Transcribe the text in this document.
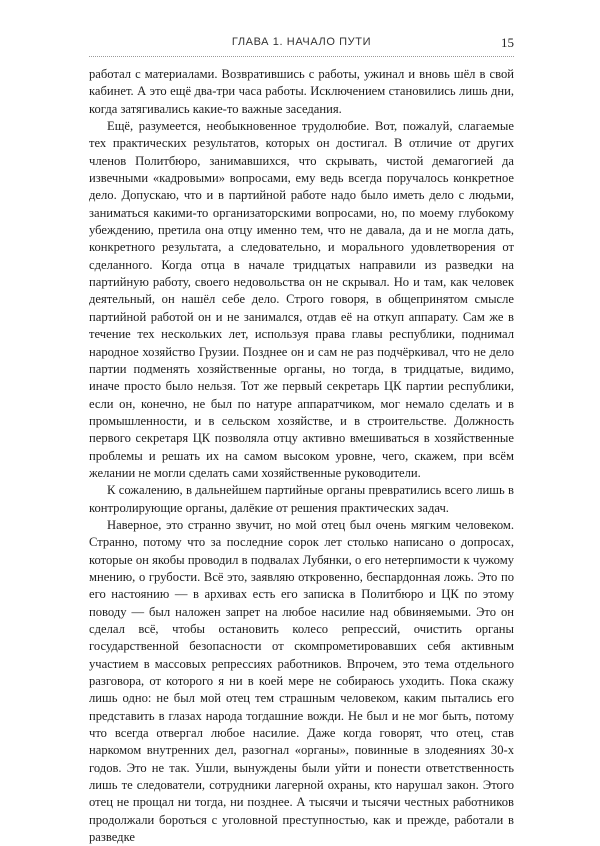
ГЛАВА 1. НАЧАЛО ПУТИ	15

работал с материалами. Возвратившись с работы, ужинал и вновь шёл в свой кабинет. А это ещё два-три часа работы. Исключением становились лишь дни, когда затягивались какие-то важные заседания.

Ещё, разумеется, необыкновенное трудолюбие. Вот, пожалуй, слагаемые тех практических результатов, которых он достигал. В отличие от других членов Политбюро, занимавшихся, что скрывать, чистой демагогией да извечными «кадровыми» вопросами, ему ведь всегда поручалось конкретное дело. Допускаю, что и в партийной работе надо было иметь дело с людьми, заниматься какими-то организаторскими вопросами, но, по моему глубокому убеждению, претила она отцу именно тем, что не давала, да и не могла дать, конкретного результата, а следовательно, и морального удовлетворения от сделанного. Когда отца в начале тридцатых направили из разведки на партийную работу, своего недовольства он не скрывал. Но и там, как человек деятельный, он нашёл себе дело. Строго говоря, в общепринятом смысле партийной работой он и не занимался, отдав её на откуп аппарату. Сам же в течение тех нескольких лет, используя права главы республики, поднимал народное хозяйство Грузии. Позднее он и сам не раз подчёркивал, что не дело партии подменять хозяйственные органы, но тогда, в тридцатые, видимо, иначе просто было нельзя. Тот же первый секретарь ЦК партии республики, если он, конечно, не был по натуре аппаратчиком, мог немало сделать и в промышленности, и в сельском хозяйстве, и в строительстве. Должность первого секретаря ЦК позволяла отцу активно вмешиваться в хозяйственные проблемы и решать их на самом высоком уровне, чего, скажем, при всём желании не могли сделать сами хозяйственные руководители.

К сожалению, в дальнейшем партийные органы превратились всего лишь в контролирующие органы, далёкие от решения практических задач.

Наверное, это странно звучит, но мой отец был очень мягким человеком. Странно, потому что за последние сорок лет столько написано о допросах, которые он якобы проводил в подвалах Лубянки, о его нетерпимости к чужому мнению, о грубости. Всё это, заявляю откровенно, беспардонная ложь. Это по его настоянию — в архивах есть его записка в Политбюро и ЦК по этому поводу — был наложен запрет на любое насилие над обвиняемыми. Это он сделал всё, чтобы остановить колесо репрессий, очистить органы государственной безопасности от скомпрометировавших себя активным участием в массовых репрессиях работников. Впрочем, это тема отдельного разговора, от которого я ни в коей мере не собираюсь уходить. Пока скажу лишь одно: не был мой отец тем страшным человеком, каким пытались его представить в глазах народа тогдашние вожди. Не был и не мог быть, потому что всегда отвергал любое насилие. Даже когда говорят, что отец, став наркомом внутренних дел, разогнал «органы», повинные в злодеяниях 30-х годов. Это не так. Ушли, вынуждены были уйти и понести ответственность лишь те следователи, сотрудники лагерной охраны, кто нарушал закон. Этого отец не прощал ни тогда, ни позднее. А тысячи и тысячи честных работников продолжали бороться с уголовной преступностью, как и прежде, работали в разведке
